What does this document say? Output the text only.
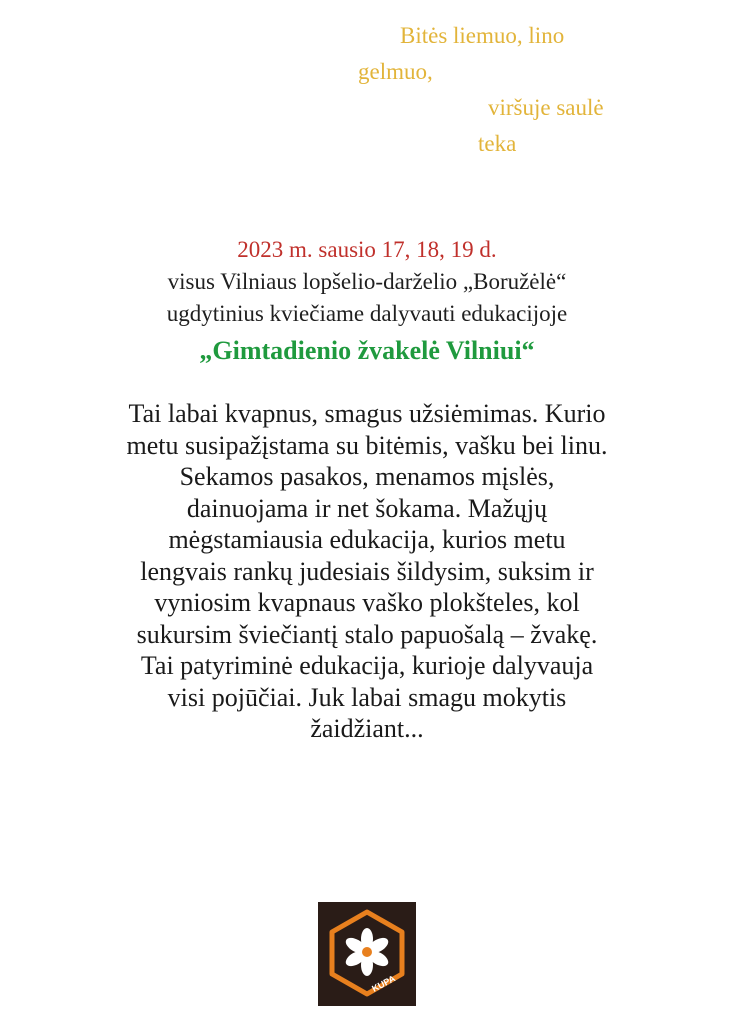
Bitės liemuo, lino
gelmuo,
viršuje saulė
teka
2023 m. sausio 17, 18, 19 d.
visus Vilniaus lopšelio-darželio „Boružėlė“
ugdytinius kviečiame dalyvauti edukacijoje
„Gimtadienio žvakelė Vilniui“
Tai labai kvapnus, smagus užsiėmimas. Kurio
metu susipažįstama su bitėmis, vašku bei linu.
Sekamos pasakos, menamos mįslės,
dainuojama ir net šokama. Mažųjų
mėgstamiausia edukacija, kurios metu
lengvais rankų judesiais šildysim, suksim ir
vyniosim kvapnaus vaško plokšteles, kol
sukursim šviečiantį stalo papuošalą – žvakę.
Tai patyriminė edukacija, kurioje dalyvauja
visi pojūčiai. Juk labai smagu mokytis
žaidžiant...
KUPA
